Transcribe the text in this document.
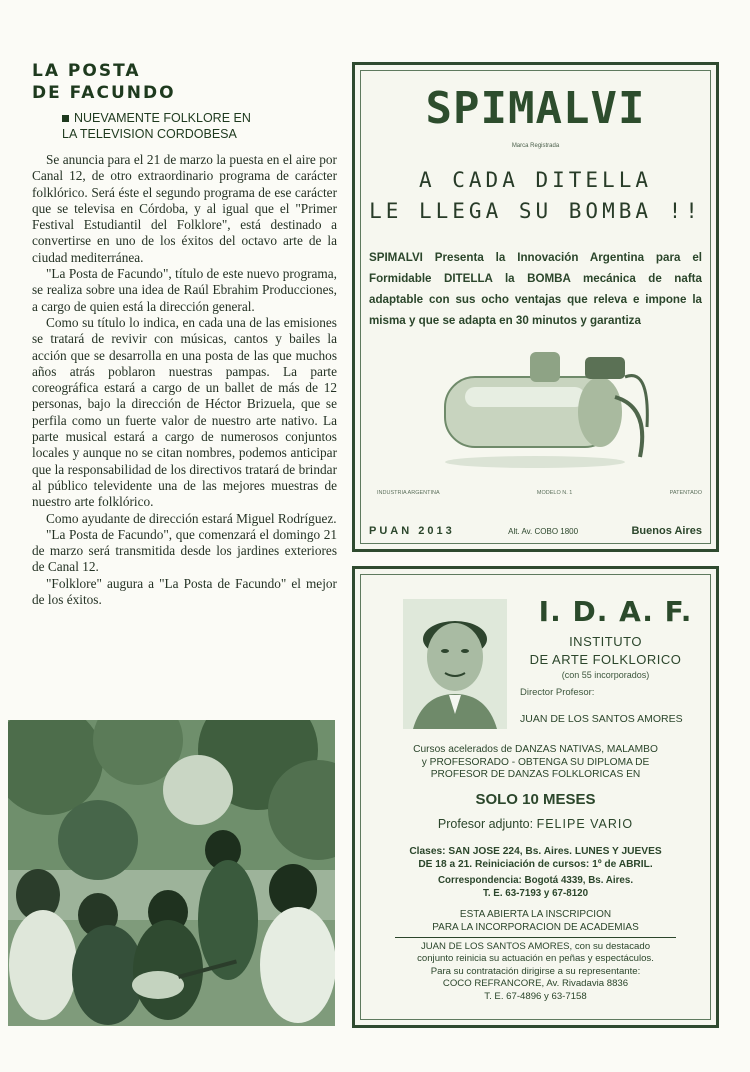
LA POSTA
DE FACUNDO
NUEVAMENTE FOLKLORE EN
LA TELEVISION CORDOBESA

Se anuncia para el 21 de marzo la puesta en el aire por Canal 12, de otro extraordinario programa de carácter folklórico. Será éste el segundo programa de ese carácter que se televisa en Córdoba, y al igual que el "Primer Festival Estudiantil del Folklore", está destinado a convertirse en uno de los éxitos del octavo arte de la ciudad mediterránea.

"La Posta de Facundo", título de este nuevo programa, se realiza sobre una idea de Raúl Ebrahim Producciones, a cargo de quien está la dirección general.

Como su título lo indica, en cada una de las emisiones se tratará de revivir con músicas, cantos y bailes la acción que se desarrolla en una posta de las que muchos años atrás poblaron nuestras pampas. La parte coreográfica estará a cargo de un ballet de más de 12 personas, bajo la dirección de Héctor Brizuela, que se perfila como un fuerte valor de nuestro arte nativo. La parte musical estará a cargo de numerosos conjuntos locales y aunque no se citan nombres, podemos anticipar que la responsabilidad de los directivos tratará de brindar al público televidente una de las mejores muestras de nuestro arte folklórico.

Como ayudante de dirección estará Miguel Rodríguez.

"La Posta de Facundo", que comenzará el domingo 21 de marzo será transmitida desde los jardines exteriores de Canal 12.

"Folklore" augura a "La Posta de Facundo" el mejor de los éxitos.

SPIMALVI
Marca Registrada
A CADA DITELLA
LE LLEGA SU BOMBA !!
SPIMALVI Presenta la Innovación Argentina para el Formidable DITELLA la BOMBA mecánica de nafta adaptable con sus ocho ventajas que releva e impone la misma y que se adapta en 30 minutos y garantiza
INDUSTRIA ARGENTINA	MODELO N. 1	PATENTADO
PUAN 2013	Alt. Av. COBO 1800	Buenos Aires
I. D. A. F.
INSTITUTO
DE ARTE FOLKLORICO
(con 55 incorporados)
Director Profesor:
JUAN DE LOS SANTOS AMORES
Cursos acelerados de DANZAS NATIVAS, MALAMBO
y PROFESORADO - OBTENGA SU DIPLOMA DE
PROFESOR DE DANZAS FOLKLORICAS EN
SOLO 10 MESES
Profesor adjunto: FELIPE VARIO
Clases: SAN JOSE 224, Bs. Aires. LUNES Y JUEVES
DE 18 a 21. Reiniciación de cursos: 1º de ABRIL.
Correspondencia: Bogotá 4339, Bs. Aires.
T. E. 63-7193 y 67-8120
ESTA ABIERTA LA INSCRIPCION
PARA LA INCORPORACION DE ACADEMIAS
JUAN DE LOS SANTOS AMORES, con su destacado
conjunto reinicia su actuación en peñas y espectáculos.
Para su contratación dirigirse a su representante:
COCO REFRANCORE, Av. Rivadavia 8836
T. E. 67-4896 y 63-7158
